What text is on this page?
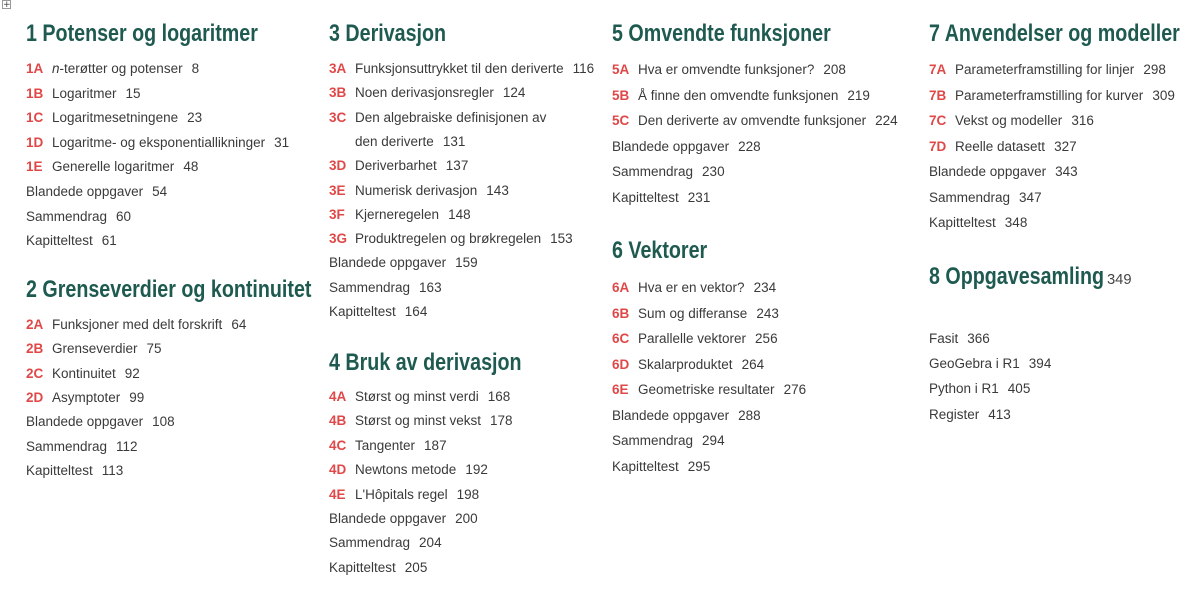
+
1 Potenser og logaritmer
1A n-terøtter og potenser 8
1B Logaritmer 15
1C Logaritmesetningene 23
1D Logaritme- og eksponentiallikninger 31
1E Generelle logaritmer 48
Blandede oppgaver 54
Sammendrag 60
Kapitteltest 61
2 Grenseverdier og kontinuitet
2A Funksjoner med delt forskrift 64
2B Grenseverdier 75
2C Kontinuitet 92
2D Asymptoter 99
Blandede oppgaver 108
Sammendrag 112
Kapitteltest 113
3 Derivasjon
3A Funksjonsuttrykket til den deriverte 116
3B Noen derivasjonsregler 124
3C Den algebraiske definisjonen av
den deriverte 131
3D Deriverbarhet 137
3E Numerisk derivasjon 143
3F Kjerneregelen 148
3G Produktregelen og brøkregelen 153
Blandede oppgaver 159
Sammendrag 163
Kapitteltest 164
4 Bruk av derivasjon
4A Størst og minst verdi 168
4B Størst og minst vekst 178
4C Tangenter 187
4D Newtons metode 192
4E L'Hôpitals regel 198
Blandede oppgaver 200
Sammendrag 204
Kapitteltest 205
5 Omvendte funksjoner
5A Hva er omvendte funksjoner? 208
5B Å finne den omvendte funksjonen 219
5C Den deriverte av omvendte funksjoner 224
Blandede oppgaver 228
Sammendrag 230
Kapitteltest 231
6 Vektorer
6A Hva er en vektor? 234
6B Sum og differanse 243
6C Parallelle vektorer 256
6D Skalarproduktet 264
6E Geometriske resultater 276
Blandede oppgaver 288
Sammendrag 294
Kapitteltest 295
7 Anvendelser og modeller
7A Parameterframstilling for linjer 298
7B Parameterframstilling for kurver 309
7C Vekst og modeller 316
7D Reelle datasett 327
Blandede oppgaver 343
Sammendrag 347
Kapitteltest 348
8 Oppgavesamling 349
Fasit 366
GeoGebra i R1 394
Python i R1 405
Register 413
